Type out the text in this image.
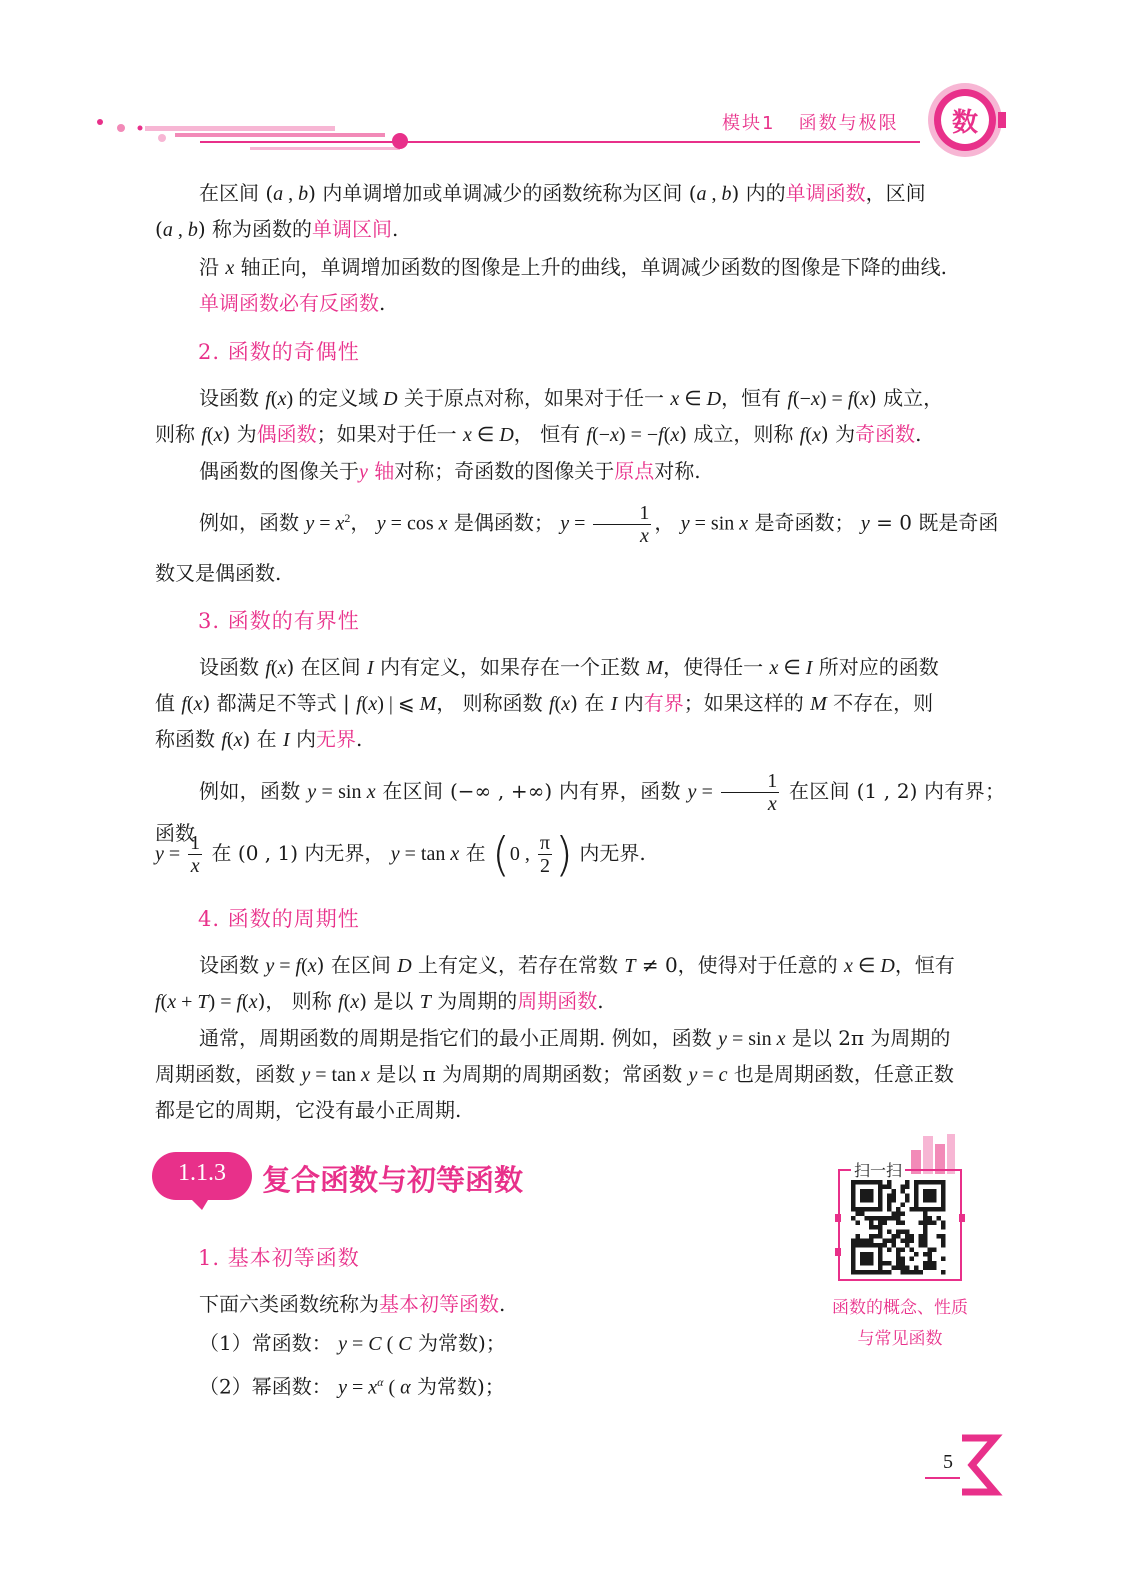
模块1 函数与极限 数
在区间 (a , b) 内单调增加或单调减少的函数统称为区间 (a , b) 内的单调函数，区间
(a , b) 称为函数的单调区间.
沿 x 轴正向，单调增加函数的图像是上升的曲线，单调减少函数的图像是下降的曲线.
单调函数必有反函数.
2. 函数的奇偶性
设函数 f(x) 的定义域 D 关于原点对称，如果对于任一 x ∈ D，恒有 f(−x) = f(x) 成立，
则称 f(x) 为偶函数；如果对于任一 x ∈ D， 恒有 f(−x) = −f(x) 成立，则称 f(x) 为奇函数.
偶函数的图像关于y 轴对称；奇函数的图像关于原点对称.
例如，函数 $y = x^2$， y = cos x 是偶函数； $y = \frac{1}{x}$ ， y = sin x 是奇函数； y = 0 既是奇函
数又是偶函数.
3. 函数的有界性
设函数 f(x) 在区间 I 内有定义，如果存在一个正数 M，使得任一 x ∈ I 所对应的函数
值 f(x) 都满足不等式 | f(x) | ⩽ M， 则称函数 f(x) 在 I 内有界；如果这样的 M 不存在，则
称函数 f(x) 在 I 内无界.
例如，函数 y = sin x 在区间 (−∞ , +∞) 内有界，函数 $y = \frac{1}{x}$ 在区间 (1 , 2) 内有界；函数
$y = \frac{1}{x}$ 在 (0 , 1) 内无界， y = tan x 在 (0 , $\frac{\pi}{2}$ ) 内无界.
4. 函数的周期性
设函数 y = f(x) 在区间 D 上有定义，若存在常数 T ≠ 0，使得对于任意的 x ∈ D，恒有
f(x + T) = f(x)， 则称 f(x) 是以 T 为周期的周期函数.
通常，周期函数的周期是指它们的最小正周期. 例如，函数 y = sin x 是以 2π 为周期的
周期函数，函数 y = tan x 是以 π 为周期的周期函数；常函数 y = c 也是周期函数，任意正数
都是它的周期，它没有最小正周期.
1.1.3	复合函数与初等函数
1. 基本初等函数
下面六类函数统称为基本初等函数.
（1）常函数： y = C ( C 为常数)；
（2）幂函数： $y = x^\alpha$ ( α 为常数)；
扫一扫
函数的概念、性质
与常见函数
5
